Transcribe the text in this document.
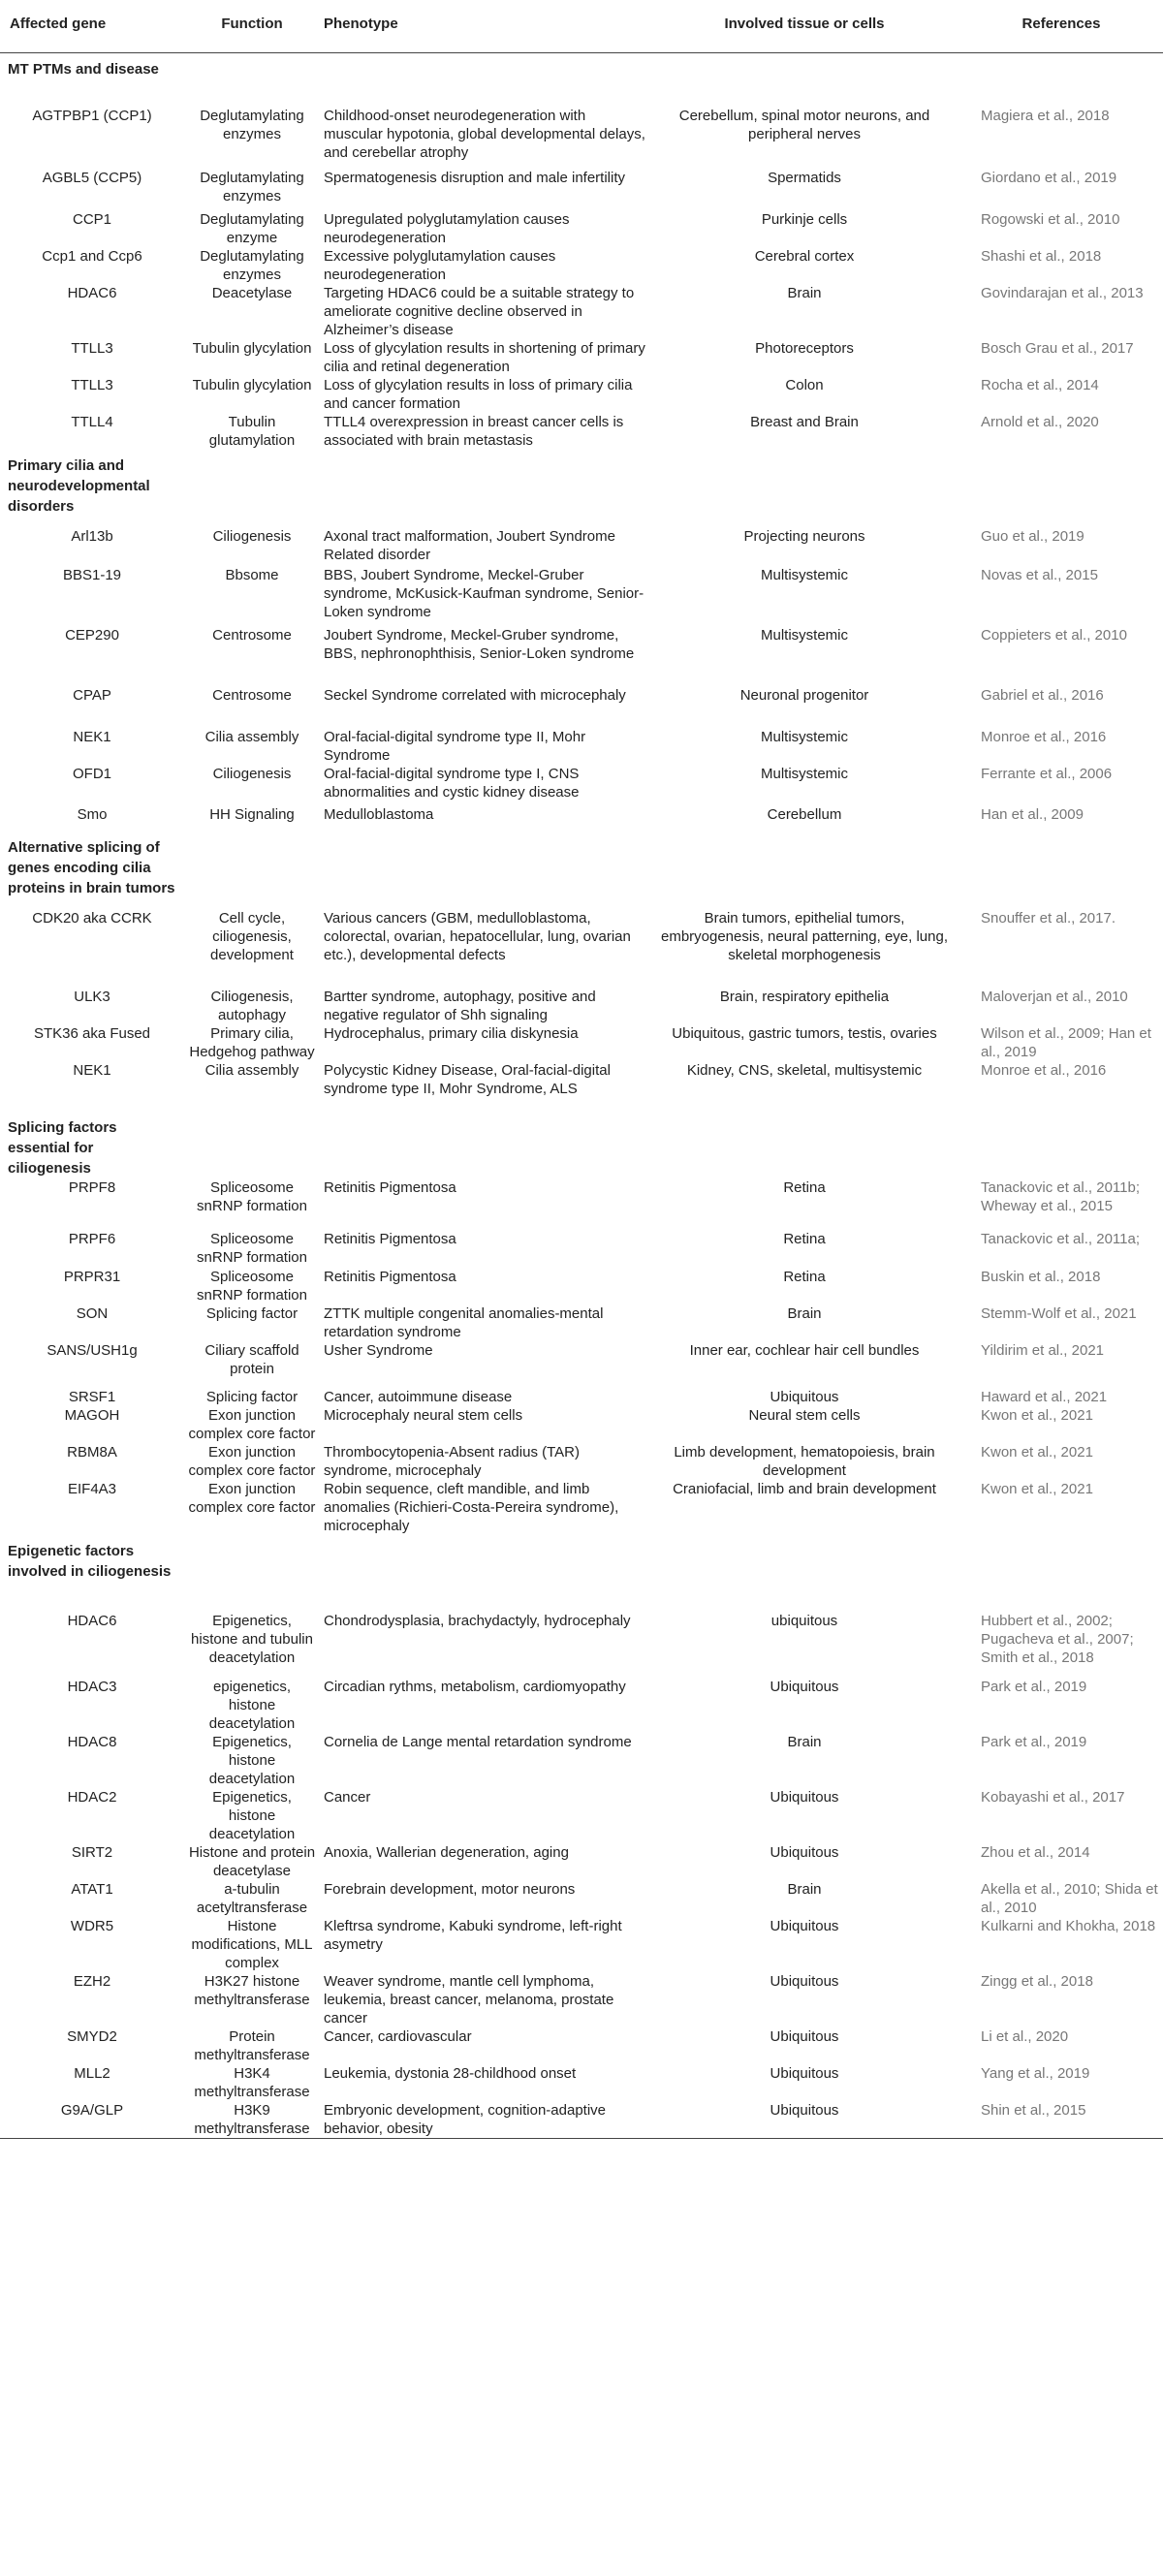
Affected gene	Function	Phenotype	Involved tissue or cells	References
MT PTMs and disease				
AGTPBP1 (CCP1)	Deglutamylating enzymes	Childhood-onset neurodegeneration with muscular hypotonia, global developmental delays, and cerebellar atrophy	Cerebellum, spinal motor neurons, and peripheral nerves	Magiera et al., 2018
AGBL5 (CCP5)	Deglutamylating enzymes	Spermatogenesis disruption and male infertility	Spermatids	Giordano et al., 2019
CCP1	Deglutamylating enzyme	Upregulated polyglutamylation causes neurodegeneration	Purkinje cells	Rogowski et al., 2010
Ccp1 and Ccp6	Deglutamylating enzymes	Excessive polyglutamylation causes neurodegeneration	Cerebral cortex	Shashi et al., 2018
HDAC6	Deacetylase	Targeting HDAC6 could be a suitable strategy to ameliorate cognitive decline observed in Alzheimer’s disease	Brain	Govindarajan et al., 2013
TTLL3	Tubulin glycylation	Loss of glycylation results in shortening of primary cilia and retinal degeneration	Photoreceptors	Bosch Grau et al., 2017
TTLL3	Tubulin glycylation	Loss of glycylation results in loss of primary cilia and cancer formation	Colon	Rocha et al., 2014
TTLL4	Tubulin glutamylation	TTLL4 overexpression in breast cancer cells is associated with brain metastasis	Breast and Brain	Arnold et al., 2020
Primary cilia and neurodevelopmental disorders				
Arl13b	Ciliogenesis	Axonal tract malformation, Joubert Syndrome Related disorder	Projecting neurons	Guo et al., 2019
BBS1-19	Bbsome	BBS, Joubert Syndrome, Meckel-Gruber syndrome, McKusick-Kaufman syndrome, Senior-Loken syndrome	Multisystemic	Novas et al., 2015
CEP290	Centrosome	Joubert Syndrome, Meckel-Gruber syndrome, BBS, nephronophthisis, Senior-Loken syndrome	Multisystemic	Coppieters et al., 2010
CPAP	Centrosome	Seckel Syndrome correlated with microcephaly	Neuronal progenitor	Gabriel et al., 2016
NEK1	Cilia assembly	Oral-facial-digital syndrome type II, Mohr Syndrome	Multisystemic	Monroe et al., 2016
OFD1	Ciliogenesis	Oral-facial-digital syndrome type I, CNS abnormalities and cystic kidney disease	Multisystemic	Ferrante et al., 2006
Smo	HH Signaling	Medulloblastoma	Cerebellum	Han et al., 2009
Alternative splicing of genes encoding cilia proteins in brain tumors				
CDK20 aka CCRK	Cell cycle, ciliogenesis, development	Various cancers (GBM, medulloblastoma, colorectal, ovarian, hepatocellular, lung, ovarian etc.), developmental defects	Brain tumors, epithelial tumors, embryogenesis, neural patterning, eye, lung, skeletal morphogenesis	Snouffer et al., 2017.
ULK3	Ciliogenesis, autophagy	Bartter syndrome, autophagy, positive and negative regulator of Shh signaling	Brain, respiratory epithelia	Maloverjan et al., 2010
STK36 aka Fused	Primary cilia, Hedgehog pathway	Hydrocephalus, primary cilia diskynesia	Ubiquitous, gastric tumors, testis, ovaries	Wilson et al., 2009; Han et al., 2019
NEK1	Cilia assembly	Polycystic Kidney Disease, Oral-facial-digital syndrome type II, Mohr Syndrome, ALS	Kidney, CNS, skeletal, multisystemic	Monroe et al., 2016
Splicing factors essential for ciliogenesis				
PRPF8	Spliceosome snRNP formation	Retinitis Pigmentosa	Retina	Tanackovic et al., 2011b; Wheway et al., 2015
PRPF6	Spliceosome snRNP formation	Retinitis Pigmentosa	Retina	Tanackovic et al., 2011a;
PRPR31	Spliceosome snRNP formation	Retinitis Pigmentosa	Retina	Buskin et al., 2018
SON	Splicing factor	ZTTK multiple congenital anomalies-mental retardation syndrome	Brain	Stemm-Wolf et al., 2021
SANS/USH1g	Ciliary scaffold protein	Usher Syndrome	Inner ear, cochlear hair cell bundles	Yildirim et al., 2021
SRSF1	Splicing factor	Cancer, autoimmune disease	Ubiquitous	Haward et al., 2021
MAGOH	Exon junction complex core factor	Microcephaly neural stem cells	Neural stem cells	Kwon et al., 2021
RBM8A	Exon junction complex core factor	Thrombocytopenia-Absent radius (TAR) syndrome, microcephaly	Limb development, hematopoiesis, brain development	Kwon et al., 2021
EIF4A3	Exon junction complex core factor	Robin sequence, cleft mandible, and limb anomalies (Richieri-Costa-Pereira syndrome), microcephaly	Craniofacial, limb and brain development	Kwon et al., 2021
Epigenetic factors involved in ciliogenesis				
HDAC6	Epigenetics, histone and tubulin deacetylation	Chondrodysplasia, brachydactyly, hydrocephaly	ubiquitous	Hubbert et al., 2002; Pugacheva et al., 2007; Smith et al., 2018
HDAC3	epigenetics, histone deacetylation	Circadian rythms, metabolism, cardiomyopathy	Ubiquitous	Park et al., 2019
HDAC8	Epigenetics, histone deacetylation	Cornelia de Lange mental retardation syndrome	Brain	Park et al., 2019
HDAC2	Epigenetics, histone deacetylation	Cancer	Ubiquitous	Kobayashi et al., 2017
SIRT2	Histone and protein deacetylase	Anoxia, Wallerian degeneration, aging	Ubiquitous	Zhou et al., 2014
ATAT1	a-tubulin acetyltransferase	Forebrain development, motor neurons	Brain	Akella et al., 2010; Shida et al., 2010
WDR5	Histone modifications, MLL complex	Kleftrsa syndrome, Kabuki syndrome, left-right asymetry	Ubiquitous	Kulkarni and Khokha, 2018
EZH2	H3K27 histone methyltransferase	Weaver syndrome, mantle cell lymphoma, leukemia, breast cancer, melanoma, prostate cancer	Ubiquitous	Zingg et al., 2018
SMYD2	Protein methyltransferase	Cancer, cardiovascular	Ubiquitous	Li et al., 2020
MLL2	H3K4 methyltransferase	Leukemia, dystonia 28-childhood onset	Ubiquitous	Yang et al., 2019
G9A/GLP	H3K9 methyltransferase	Embryonic development, cognition-adaptive behavior, obesity	Ubiquitous	Shin et al., 2015
